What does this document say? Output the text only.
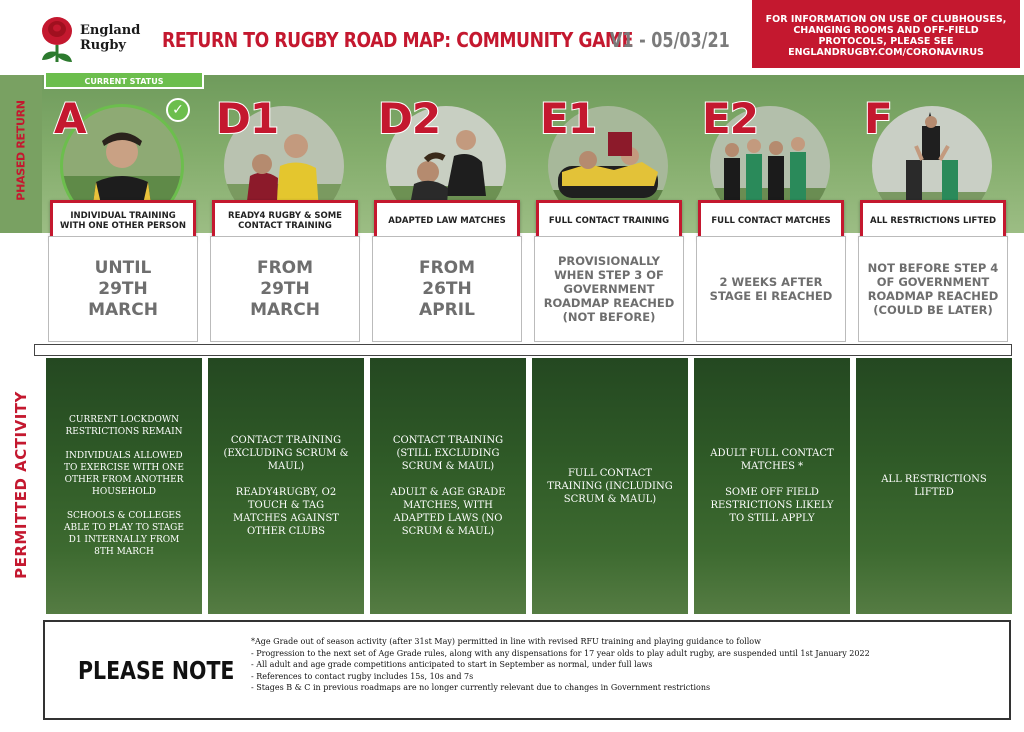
England
Rugby	RETURN TO RUGBY ROAD MAP: COMMUNITY GAME
V1 - 05/03/21
FOR INFORMATION ON USE OF CLUBHOUSES, CHANGING ROOMS AND OFF-FIELD PROTOCOLS, PLEASE SEE ENGLANDRUGBY.COM/CORONAVIRUS
PHASED RETURN
CURRENT STATUS
✓
A
INDIVIDUAL TRAINING WITH ONE OTHER PERSON
UNTIL
29TH
MARCH
D1
READY4 RUGBY & SOME CONTACT TRAINING
FROM
29TH
MARCH
D2
ADAPTED LAW MATCHES
FROM
26TH
APRIL
E1
FULL CONTACT TRAINING
PROVISIONALLY WHEN STEP 3 OF GOVERNMENT ROADMAP REACHED (NOT BEFORE)
E2
FULL CONTACT MATCHES
2 WEEKS AFTER STAGE EI REACHED
F
ALL RESTRICTIONS LIFTED
NOT BEFORE STEP 4 OF GOVERNMENT ROADMAP REACHED (COULD BE LATER)
PERMITTED ACTIVITY	CURRENT LOCKDOWN RESTRICTIONS REMAIN

INDIVIDUALS ALLOWED TO EXERCISE WITH ONE OTHER FROM ANOTHER HOUSEHOLD

SCHOOLS & COLLEGES ABLE TO PLAY TO STAGE D1 INTERNALLY FROM 8TH MARCH
CONTACT TRAINING (EXCLUDING SCRUM & MAUL)

READY4RUGBY, O2 TOUCH & TAG MATCHES AGAINST OTHER CLUBS
CONTACT TRAINING (STILL EXCLUDING SCRUM & MAUL)

ADULT & AGE GRADE MATCHES, WITH ADAPTED LAWS (NO SCRUM & MAUL)
FULL CONTACT TRAINING (INCLUDING SCRUM & MAUL)
ADULT FULL CONTACT MATCHES *

SOME OFF FIELD RESTRICTIONS LIKELY TO STILL APPLY
ALL RESTRICTIONS LIFTED
PLEASE NOTE
*Age Grade out of season activity (after 31st May) permitted in line with revised RFU training and playing guidance to follow
- Progression to the next set of Age Grade rules, along with any dispensations for 17 year olds to play adult rugby, are suspended until 1st January 2022
- All adult and age grade competitions anticipated to start in September as normal, under full laws
- References to contact rugby includes 15s, 10s and 7s
- Stages B & C in previous roadmaps are no longer currently relevant due to changes in Government restrictions
